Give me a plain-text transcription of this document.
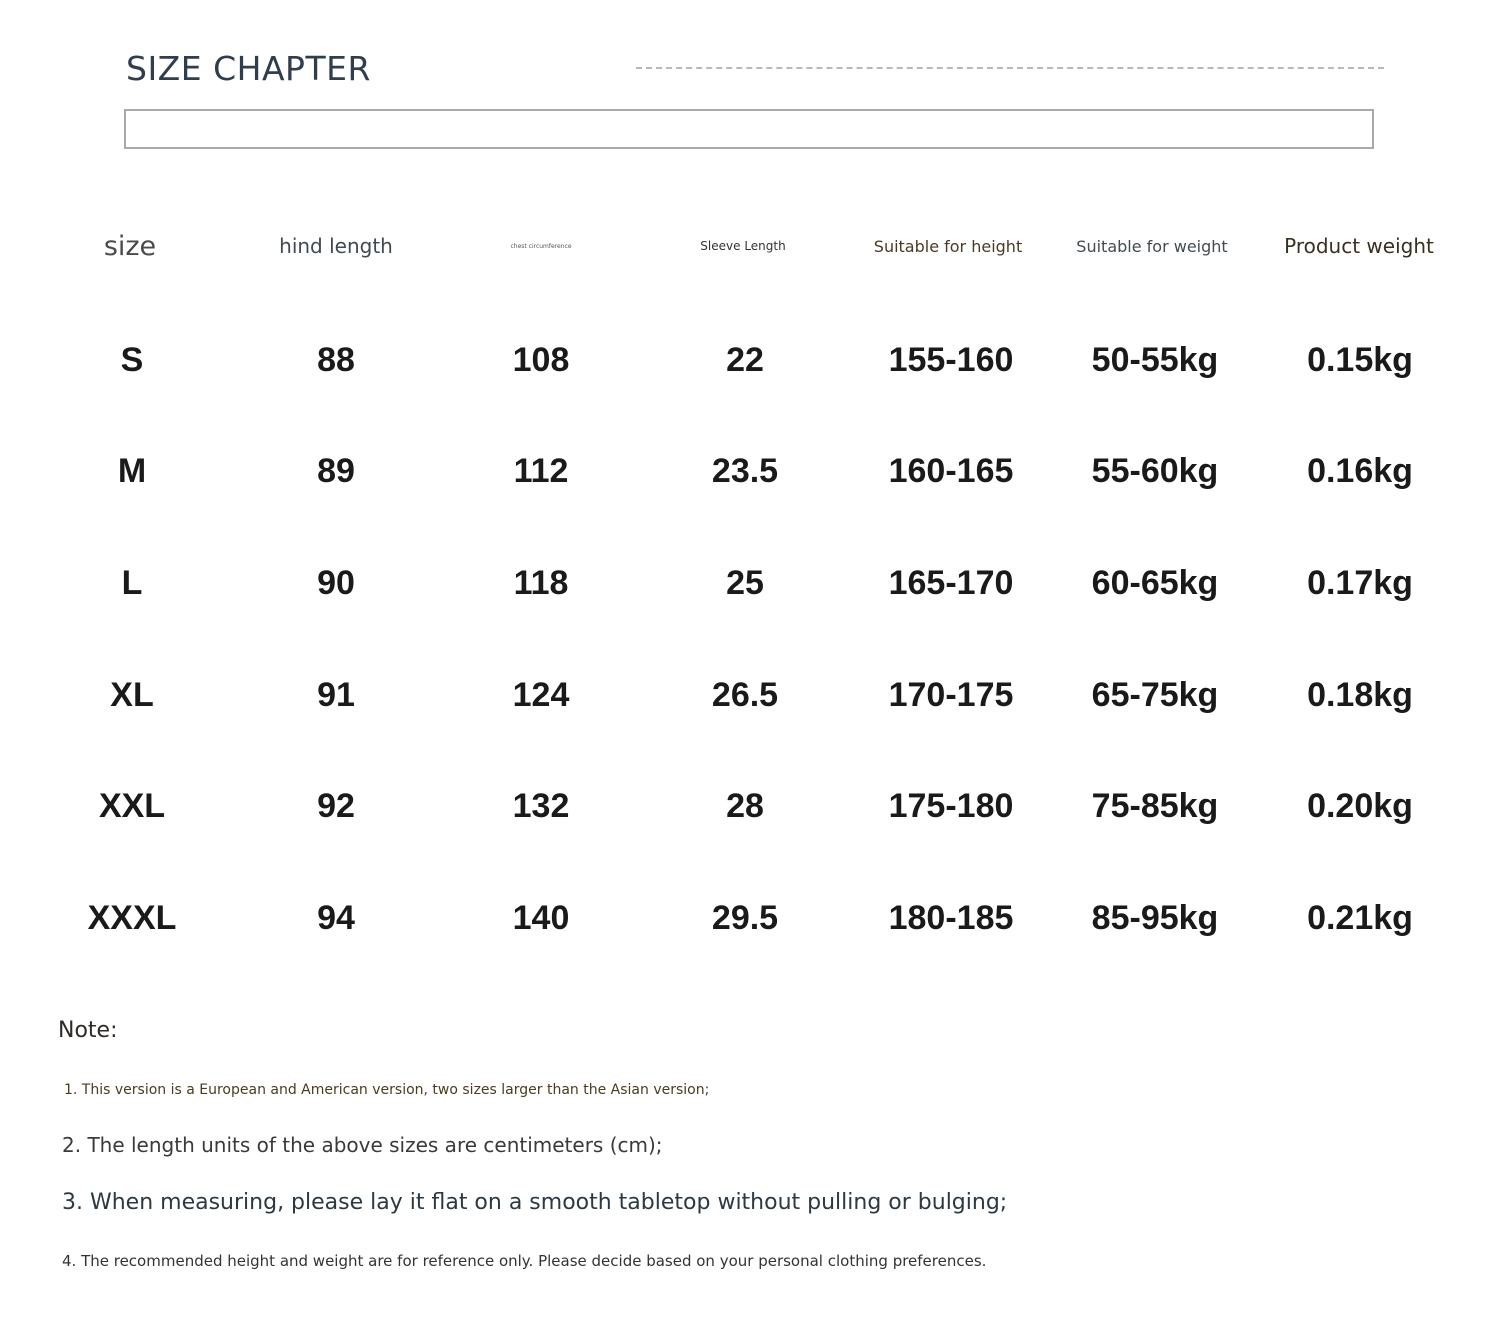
SIZE CHAPTER
size	hind length	chest circumference	Sleeve Length	Suitable for height	Suitable for weight	Product weight
S	88	108	22	155-160	50-55kg	0.15kg
M	89	112	23.5	160-165	55-60kg	0.16kg
L	90	118	25	165-170	60-65kg	0.17kg
XL	91	124	26.5	170-175	65-75kg	0.18kg
XXL	92	132	28	175-180	75-85kg	0.20kg
XXXL	94	140	29.5	180-185	85-95kg	0.21kg
Note:
1. This version is a European and American version, two sizes larger than the Asian version;
2. The length units of the above sizes are centimeters (cm);
3. When measuring, please lay it flat on a smooth tabletop without pulling or bulging;
4. The recommended height and weight are for reference only. Please decide based on your personal clothing preferences.
